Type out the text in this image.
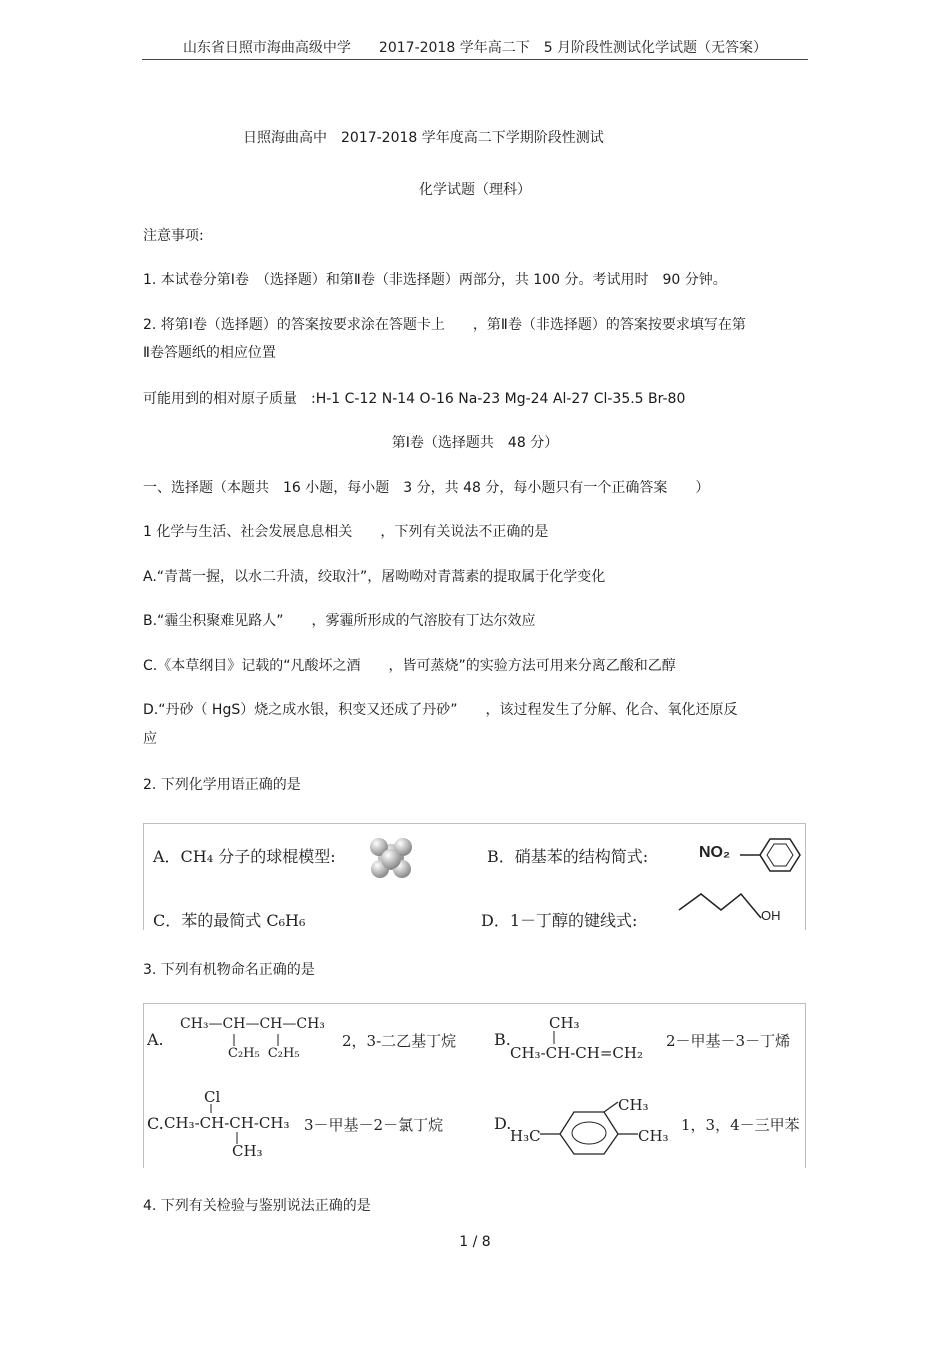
山东省日照市海曲高级中学　　2017-2018 学年高二下　5 月阶段性测试化学试题（无答案）
日照海曲高中　2017-2018 学年度高二下学期阶段性测试
化学试题（理科）
注意事项:
1. 本试卷分第Ⅰ卷　（选择题）和第Ⅱ卷（非选择题）两部分，共 100 分。考试用时　90 分钟。
2. 将第Ⅰ卷（选择题）的答案按要求涂在答题卡上　　，第Ⅱ卷（非选择题）的答案按要求填写在第
Ⅱ卷答题纸的相应位置
可能用到的相对原子质量　:H-1 C-12 N-14 O-16 Na-23 Mg-24 Al-27 Cl-35.5 Br-80
第Ⅰ卷（选择题共　48 分）
一、选择题（本题共　16 小题，每小题　3 分，共 48 分，每小题只有一个正确答案　　）
1 化学与生活、社会发展息息相关　　，下列有关说法不正确的是
A.“青蒿一握，以水二升渍，绞取汁”，屠呦呦对青蒿素的提取属于化学变化
B.“霾尘积聚难见路人”　　，雾霾所形成的气溶胶有丁达尔效应
C.《本草纲目》记载的“凡酸坏之酒　　，皆可蒸烧”的实验方法可用来分离乙酸和乙醇
D.“丹砂（ HgS）烧之成水银，积变又还成了丹砂”　　，该过程发生了分解、化合、氧化还原反
应
2. 下列化学用语正确的是
A．CH₄ 分子的球棍模型:	B．硝基苯的结构简式:	NO₂
C．苯的最简式 C₆H₆	D．1－丁醇的键线式:	OH
3. 下列有机物命名正确的是
A.
CH₃—CH—CH—CH₃
C₂H₅ C₂H₅
2，3-二乙基丁烷 B.
CH₃
CH₃-CH-CH=CH₂
2－甲基－3－丁烯
C.
Cl
CH₃-CH-CH-CH₃
CH₃
3－甲基－2－氯丁烷	D.
H₃C
CH₃
CH₃
1，3，4－三甲苯
4. 下列有关检验与鉴别说法正确的是
1 / 8
